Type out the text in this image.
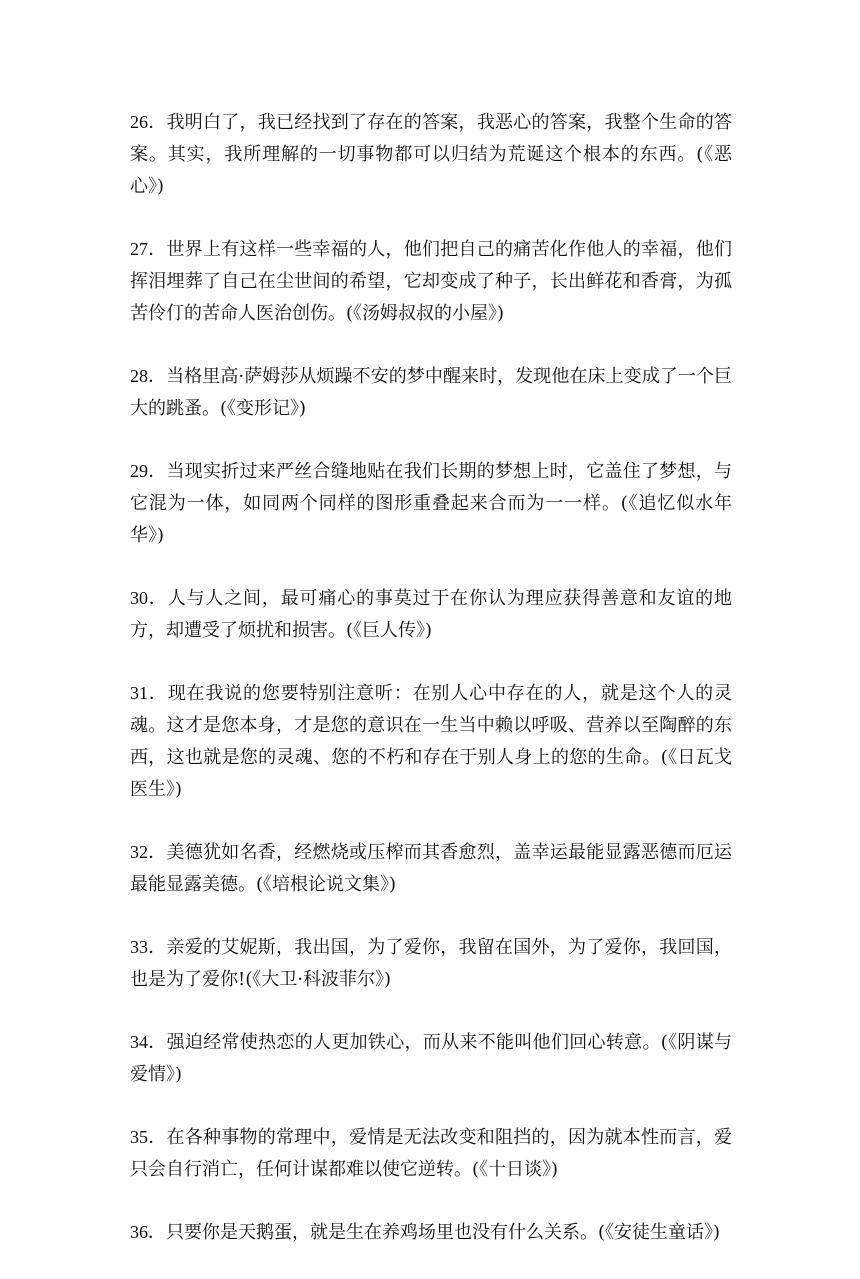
26．我明白了，我已经找到了存在的答案，我恶心的答案，我整个生命的答案。其实，我所理解的一切事物都可以归结为荒诞这个根本的东西。(《恶心》)

27．世界上有这样一些幸福的人，他们把自己的痛苦化作他人的幸福，他们挥泪埋葬了自己在尘世间的希望，它却变成了种子，长出鲜花和香膏，为孤苦伶仃的苦命人医治创伤。(《汤姆叔叔的小屋》)

28．当格里高·萨姆莎从烦躁不安的梦中醒来时，发现他在床上变成了一个巨大的跳蚤。(《变形记》)

29．当现实折过来严丝合缝地贴在我们长期的梦想上时，它盖住了梦想，与它混为一体，如同两个同样的图形重叠起来合而为一一样。(《追忆似水年华》)

30．人与人之间，最可痛心的事莫过于在你认为理应获得善意和友谊的地方，却遭受了烦扰和损害。(《巨人传》)

31．现在我说的您要特别注意听：在别人心中存在的人，就是这个人的灵魂。这才是您本身，才是您的意识在一生当中赖以呼吸、营养以至陶醉的东西，这也就是您的灵魂、您的不朽和存在于别人身上的您的生命。(《日瓦戈医生》)

32．美德犹如名香，经燃烧或压榨而其香愈烈，盖幸运最能显露恶德而厄运最能显露美德。(《培根论说文集》)

33．亲爱的艾妮斯，我出国，为了爱你，我留在国外，为了爱你，我回国，也是为了爱你!(《大卫·科波菲尔》)

34．强迫经常使热恋的人更加铁心，而从来不能叫他们回心转意。(《阴谋与爱情》)

35．在各种事物的常理中，爱情是无法改变和阻挡的，因为就本性而言，爱只会自行消亡，任何计谋都难以使它逆转。(《十日谈》)

36．只要你是天鹅蛋，就是生在养鸡场里也没有什么关系。(《安徒生童话》)
